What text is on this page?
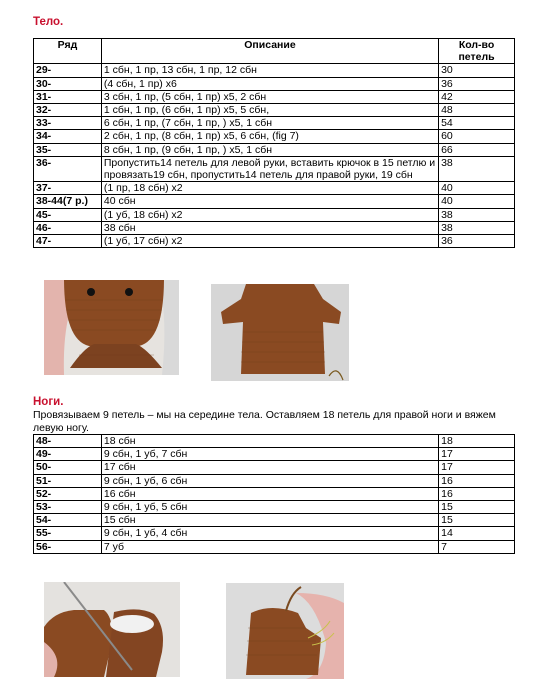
Тело.
Ряд	Описание	Кол-во петель
29-	1 сбн, 1 пр, 13 сбн, 1 пр, 12 сбн	30
30-	(4 сбн, 1 пр) х6	36
31-	3 сбн, 1 пр, (5 сбн, 1 пр) х5, 2 сбн	42
32-	1 сбн, 1 пр, (6 сбн, 1 пр) х5, 5 сбн,	48
33-	6 сбн, 1 пр, (7 сбн, 1 пр, ) х5, 1 сбн	54
34-	2 сбн, 1 пр, (8 сбн, 1 пр) х5, 6 сбн, (fig 7)	60
35-	8 сбн, 1 пр, (9 сбн, 1 пр, ) х5, 1 сбн	66
36-	Пропустить14 петель для левой руки, вставить крючок в 15 петлю и провязать19 сбн, пропустить14 петель для правой руки, 19 сбн	38
37-	(1 пр, 18 сбн) х2	40
38-44(7 р.)	40 сбн	40
45-	(1 уб, 18 сбн) х2	38
46-	38 сбн	38
47-	(1 уб, 17 сбн) х2	36
Ноги.
Провязываем 9 петель – мы на середине тела. Оставляем 18 петель для правой ноги и вяжем левую ногу.
48-	18 сбн	18
49-	9 сбн, 1 уб, 7 сбн	17
50-	17 сбн	17
51-	9 сбн, 1 уб, 6 сбн	16
52-	16 сбн	16
53-	9 сбн, 1 уб, 5 сбн	15
54-	15 сбн	15
55-	9 сбн, 1 уб, 4 сбн	14
56-	7 уб	7
